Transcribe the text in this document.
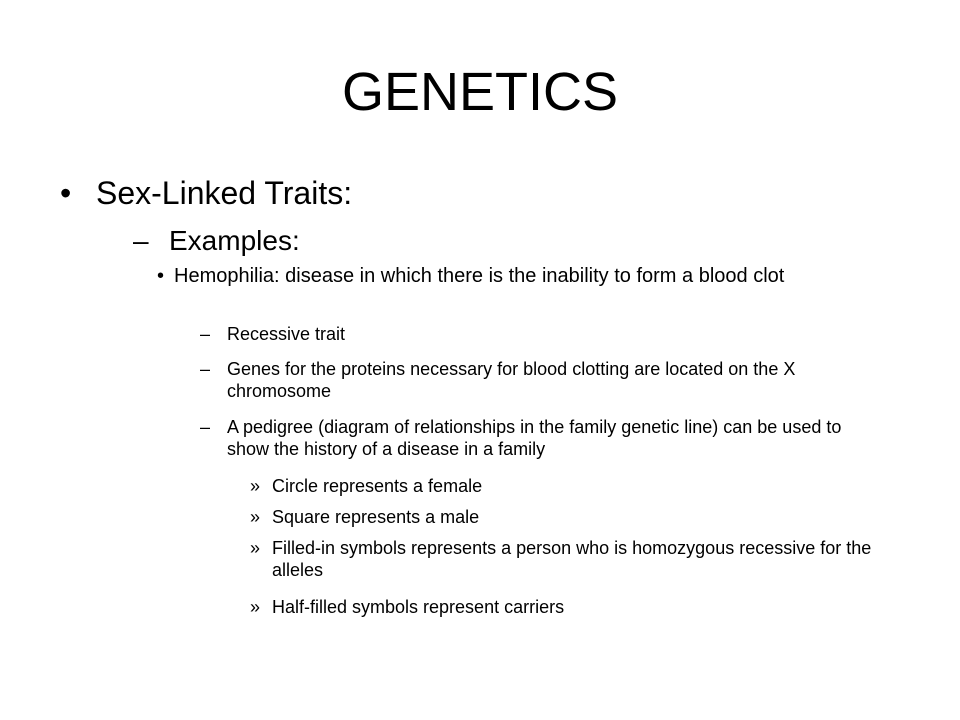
GENETICS
• Sex-Linked Traits:
– Examples:
• Hemophilia: disease in which there is the inability to form a blood clot
– Recessive trait
– Genes for the proteins necessary for blood clotting are located on the X chromosome
– A pedigree (diagram of relationships in the family genetic line) can be used to show the history of a disease in a family
» Circle represents a female
» Square represents a male
» Filled-in symbols represents a person who is homozygous recessive for the alleles
» Half-filled symbols represent carriers
